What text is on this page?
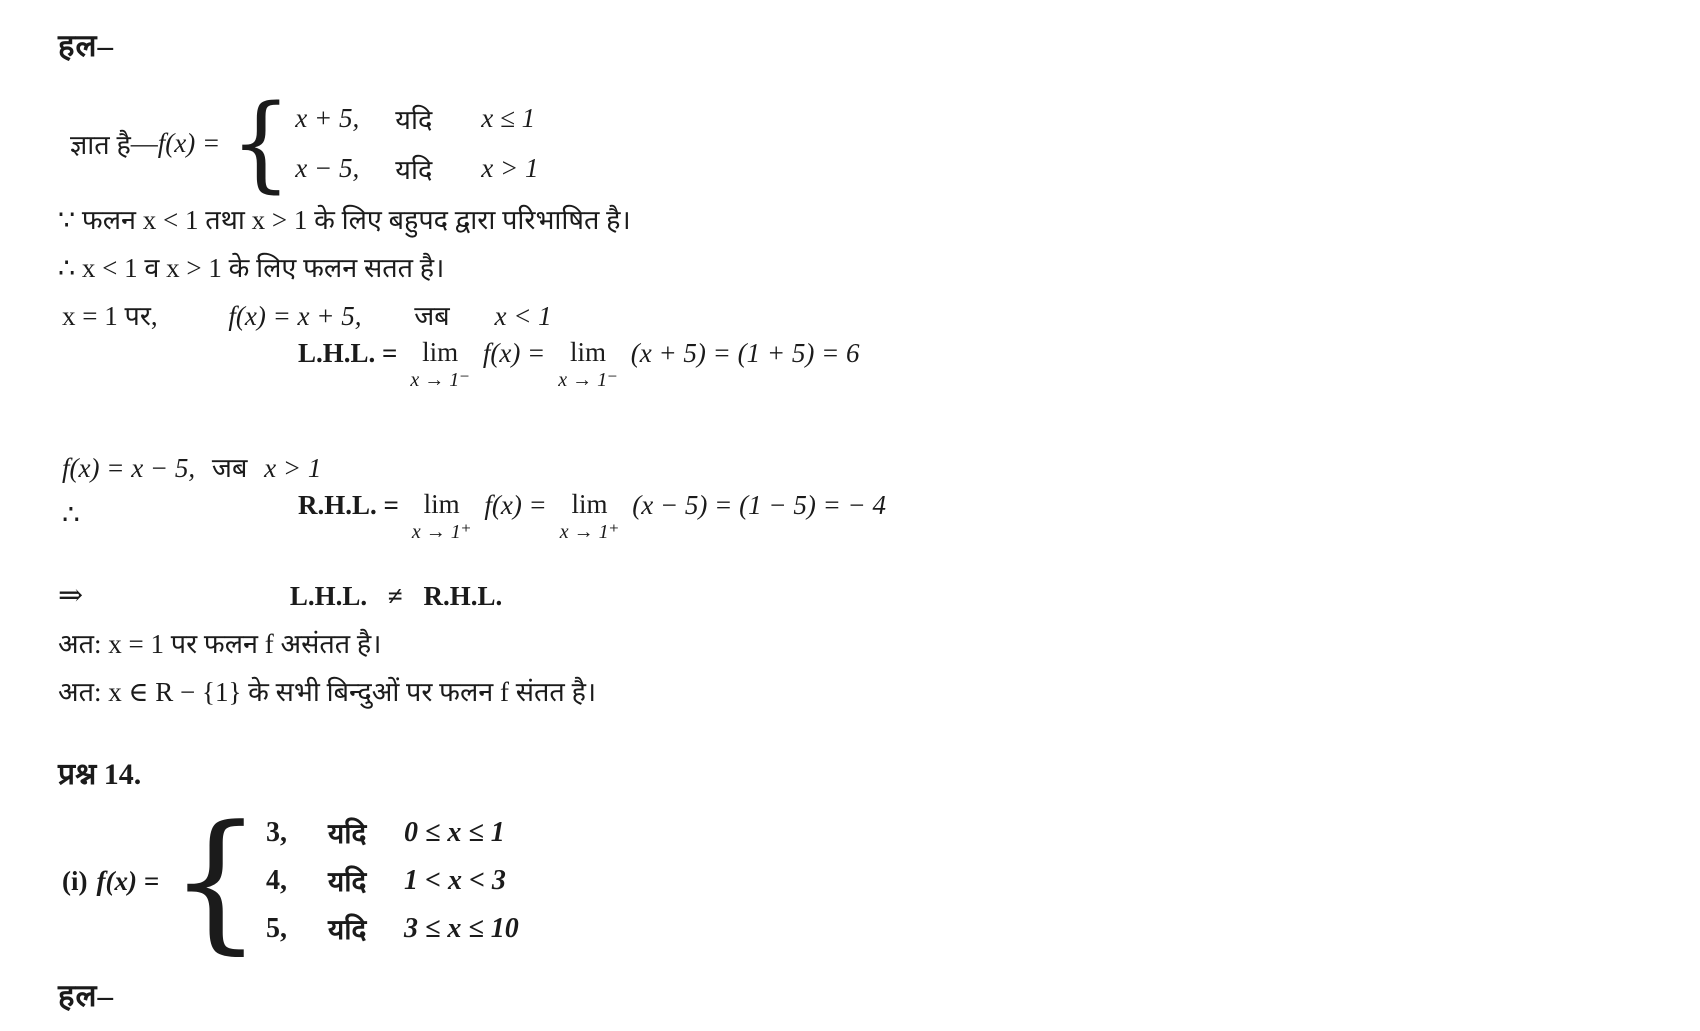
हल–
ज्ञात है — f(x) = { x + 5,	यदि	x ≤ 1
x − 5,	यदि	x > 1
∵ फलन x < 1 तथा x > 1 के लिए बहुपद द्वारा परिभाषित है।
∴ x < 1 व x > 1 के लिए फलन सतत है।
x = 1 पर,	f(x) = x + 5, जब x < 1
L.H.L. = lim
x → 1⁻
f(x) = lim
x → 1⁻
(x + 5) = (1 + 5) = 6
f(x) = x − 5, जब x > 1
∴	R.H.L. = lim
x → 1⁺
f(x) = lim
x → 1⁺
(x − 5) = (1 − 5) = − 4
⇒	L.H.L. ≠ R.H.L.
अत: x = 1 पर फलन f असंतत है।
अत: x ∈ R − {1} के सभी बिन्दुओं पर फलन f संतत है।
प्रश्न 14.
(i) f(x) = { 3,	यदि	0 ≤ x ≤ 1
4,	यदि	1 < x < 3
5,	यदि	3 ≤ x ≤ 10
हल–
